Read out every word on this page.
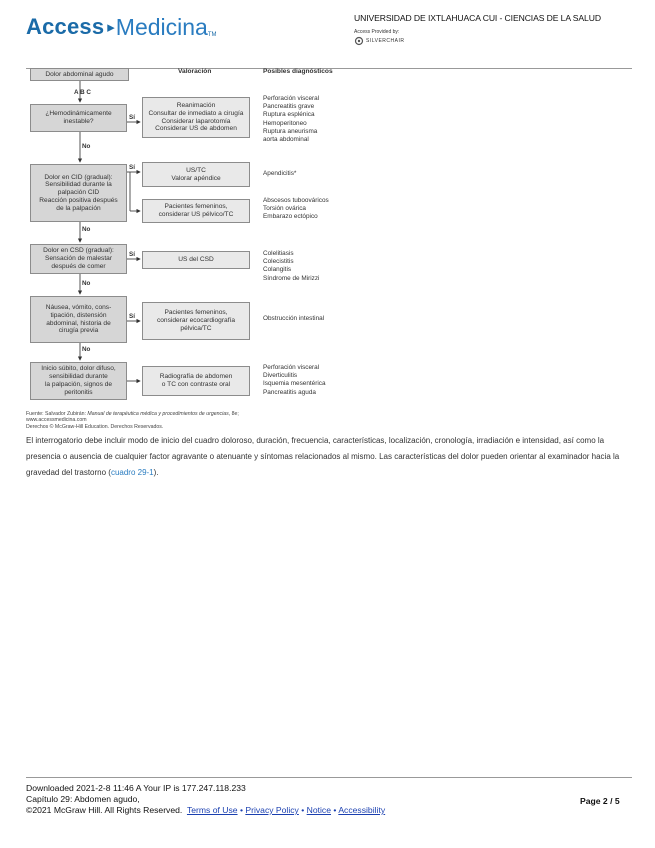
Access ▸ Medicina TM
UNIVERSIDAD DE IXTLAHUACA CUI - CIENCIAS DE LA SALUD
Access Provided by:
SILVERCHAIR
Valoración	Posibles diagnósticos
Dolor abdominal agudo
A B C
¿Hemodinámicamente
inestable?
Dolor en CID (gradual):
Sensibilidad durante la
palpación CID
Reacción positiva después
de la palpación
Dolor en CSD (gradual):
Sensación de malestar
después de comer
Náusea, vómito, cons-
tipación, distensión
abdominal, historia de
cirugía previa
Inicio súbito, dolor difuso,
sensibilidad durante
la palpación, signos de
peritonitis
Sí
Sí
Sí
Sí
No
No
No
No
Reanimación
Consultar de inmediato a cirugía
Considerar laparotomía
Considerar US de abdomen
US/TC
Valorar apéndice
Pacientes femeninos,
considerar US pélvico/TC
US del CSD
Pacientes femeninos,
considerar ecocardiografía
pélvica/TC
Radiografía de abdomen
o TC con contraste oral
Perforación visceral
Pancreatitis grave
Ruptura esplénica
Hemoperitoneo
Ruptura aneurisma
aorta abdominal
Apendicitis*
Abscesos tuboováricos
Torsión ovárica
Embarazo ectópico
Colelitiasis
Colecistitis
Colangitis
Síndrome de Mirizzi
Obstrucción intestinal
Perforación visceral
Diverticulitis
Isquemia mesentérica
Pancreatitis aguda
Fuente: Salvador Zubirán: Manual de terapéutica médica y procedimientos de urgencias, 8e;
www.accessmedicina.com
Derechos © McGraw-Hill Education. Derechos Reservados.
El interrogatorio debe incluir modo de inicio del cuadro doloroso, duración, frecuencia, características, localización, cronología, irradiación e intensidad, así como la presencia o ausencia de cualquier factor agravante o atenuante y síntomas relacionados al mismo. Las características del dolor pueden orientar al examinador hacia la gravedad del trastorno (cuadro 29-1).
Downloaded 2021-2-8 11:46 A Your IP is 177.247.118.233
Capítulo 29: Abdomen agudo,
©2021 McGraw Hill. All Rights Reserved. Terms of Use • Privacy Policy • Notice • Accessibility
Page 2 / 5
